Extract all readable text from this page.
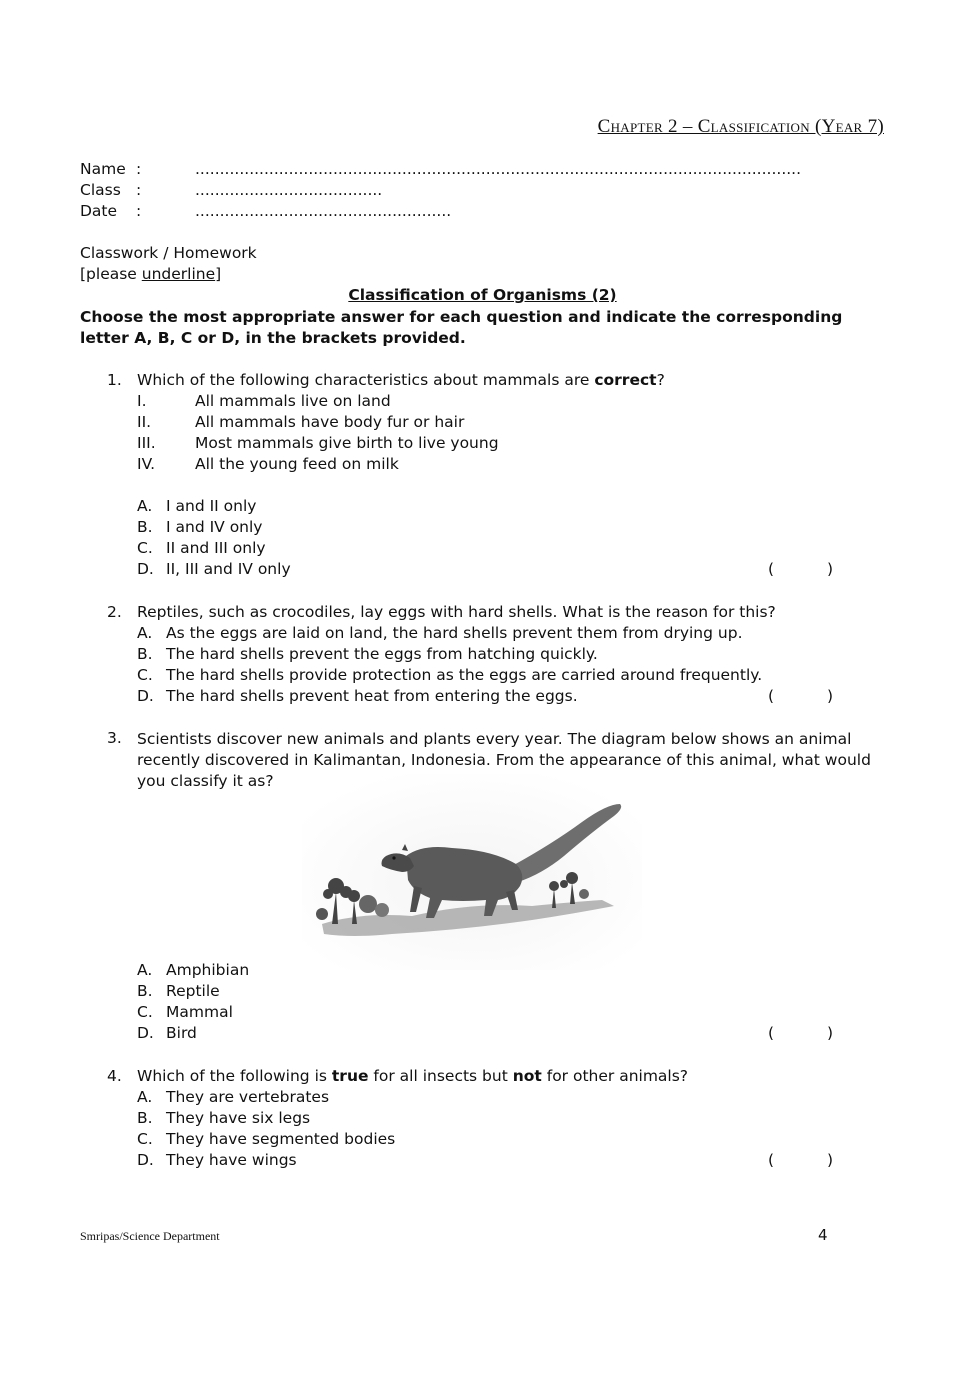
Chapter 2 – Classification (Year 7)
Name :	...........................................................................................................................
Class :	......................................
Date :	....................................................
Classwork / Homework
[please underline]
Classification of Organisms (2)
Choose the most appropriate answer for each question and indicate the corresponding letter A, B, C or D, in the brackets provided.
1. Which of the following characteristics about mammals are correct?
I.	All mammals live on land
II.	All mammals have body fur or hair
III.	Most mammals give birth to live young
IV.	All the young feed on milk
A. I and II only
B. I and IV only
C. II and III only
D. II, III and IV only	(	)
2. Reptiles, such as crocodiles, lay eggs with hard shells. What is the reason for this?
A. As the eggs are laid on land, the hard shells prevent them from drying up.
B. The hard shells prevent the eggs from hatching quickly.
C. The hard shells provide protection as the eggs are carried around frequently.
D. The hard shells prevent heat from entering the eggs.	(	)
3. Scientists discover new animals and plants every year. The diagram below shows an animal recently discovered in Kalimantan, Indonesia. From the appearance of this animal, what would you classify it as?
A. Amphibian
B. Reptile
C. Mammal
D. Bird	(	)
4. Which of the following is true for all insects but not for other animals?
A. They are vertebrates
B. They have six legs
C. They have segmented bodies
D. They have wings	(	)
Smripas/Science Department	4
